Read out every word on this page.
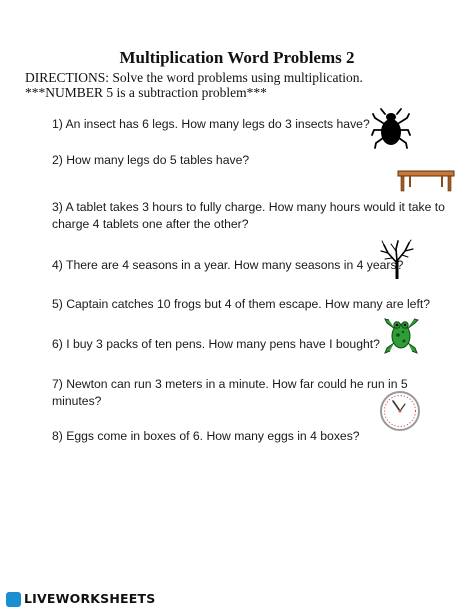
Multiplication Word Problems 2
DIRECTIONS: Solve the word problems using multiplication.
***NUMBER 5 is a subtraction problem***
1) An insect has 6 legs. How many legs do 3 insects have?
2) How many legs do 5 tables have?
3) A tablet takes 3 hours to fully charge. How many hours would it take to charge 4 tablets one after the other?
4) There are 4 seasons in a year. How many seasons in 4 years?
5) Captain catches 10 frogs but 4 of them escape. How many are left?
6) I buy 3 packs of ten pens. How many pens have I bought?
7) Newton can run 3 meters in a minute. How far could he run in 5 minutes?
8) Eggs come in boxes of 6. How many eggs in 4 boxes?
LIVEWORKSHEETS
